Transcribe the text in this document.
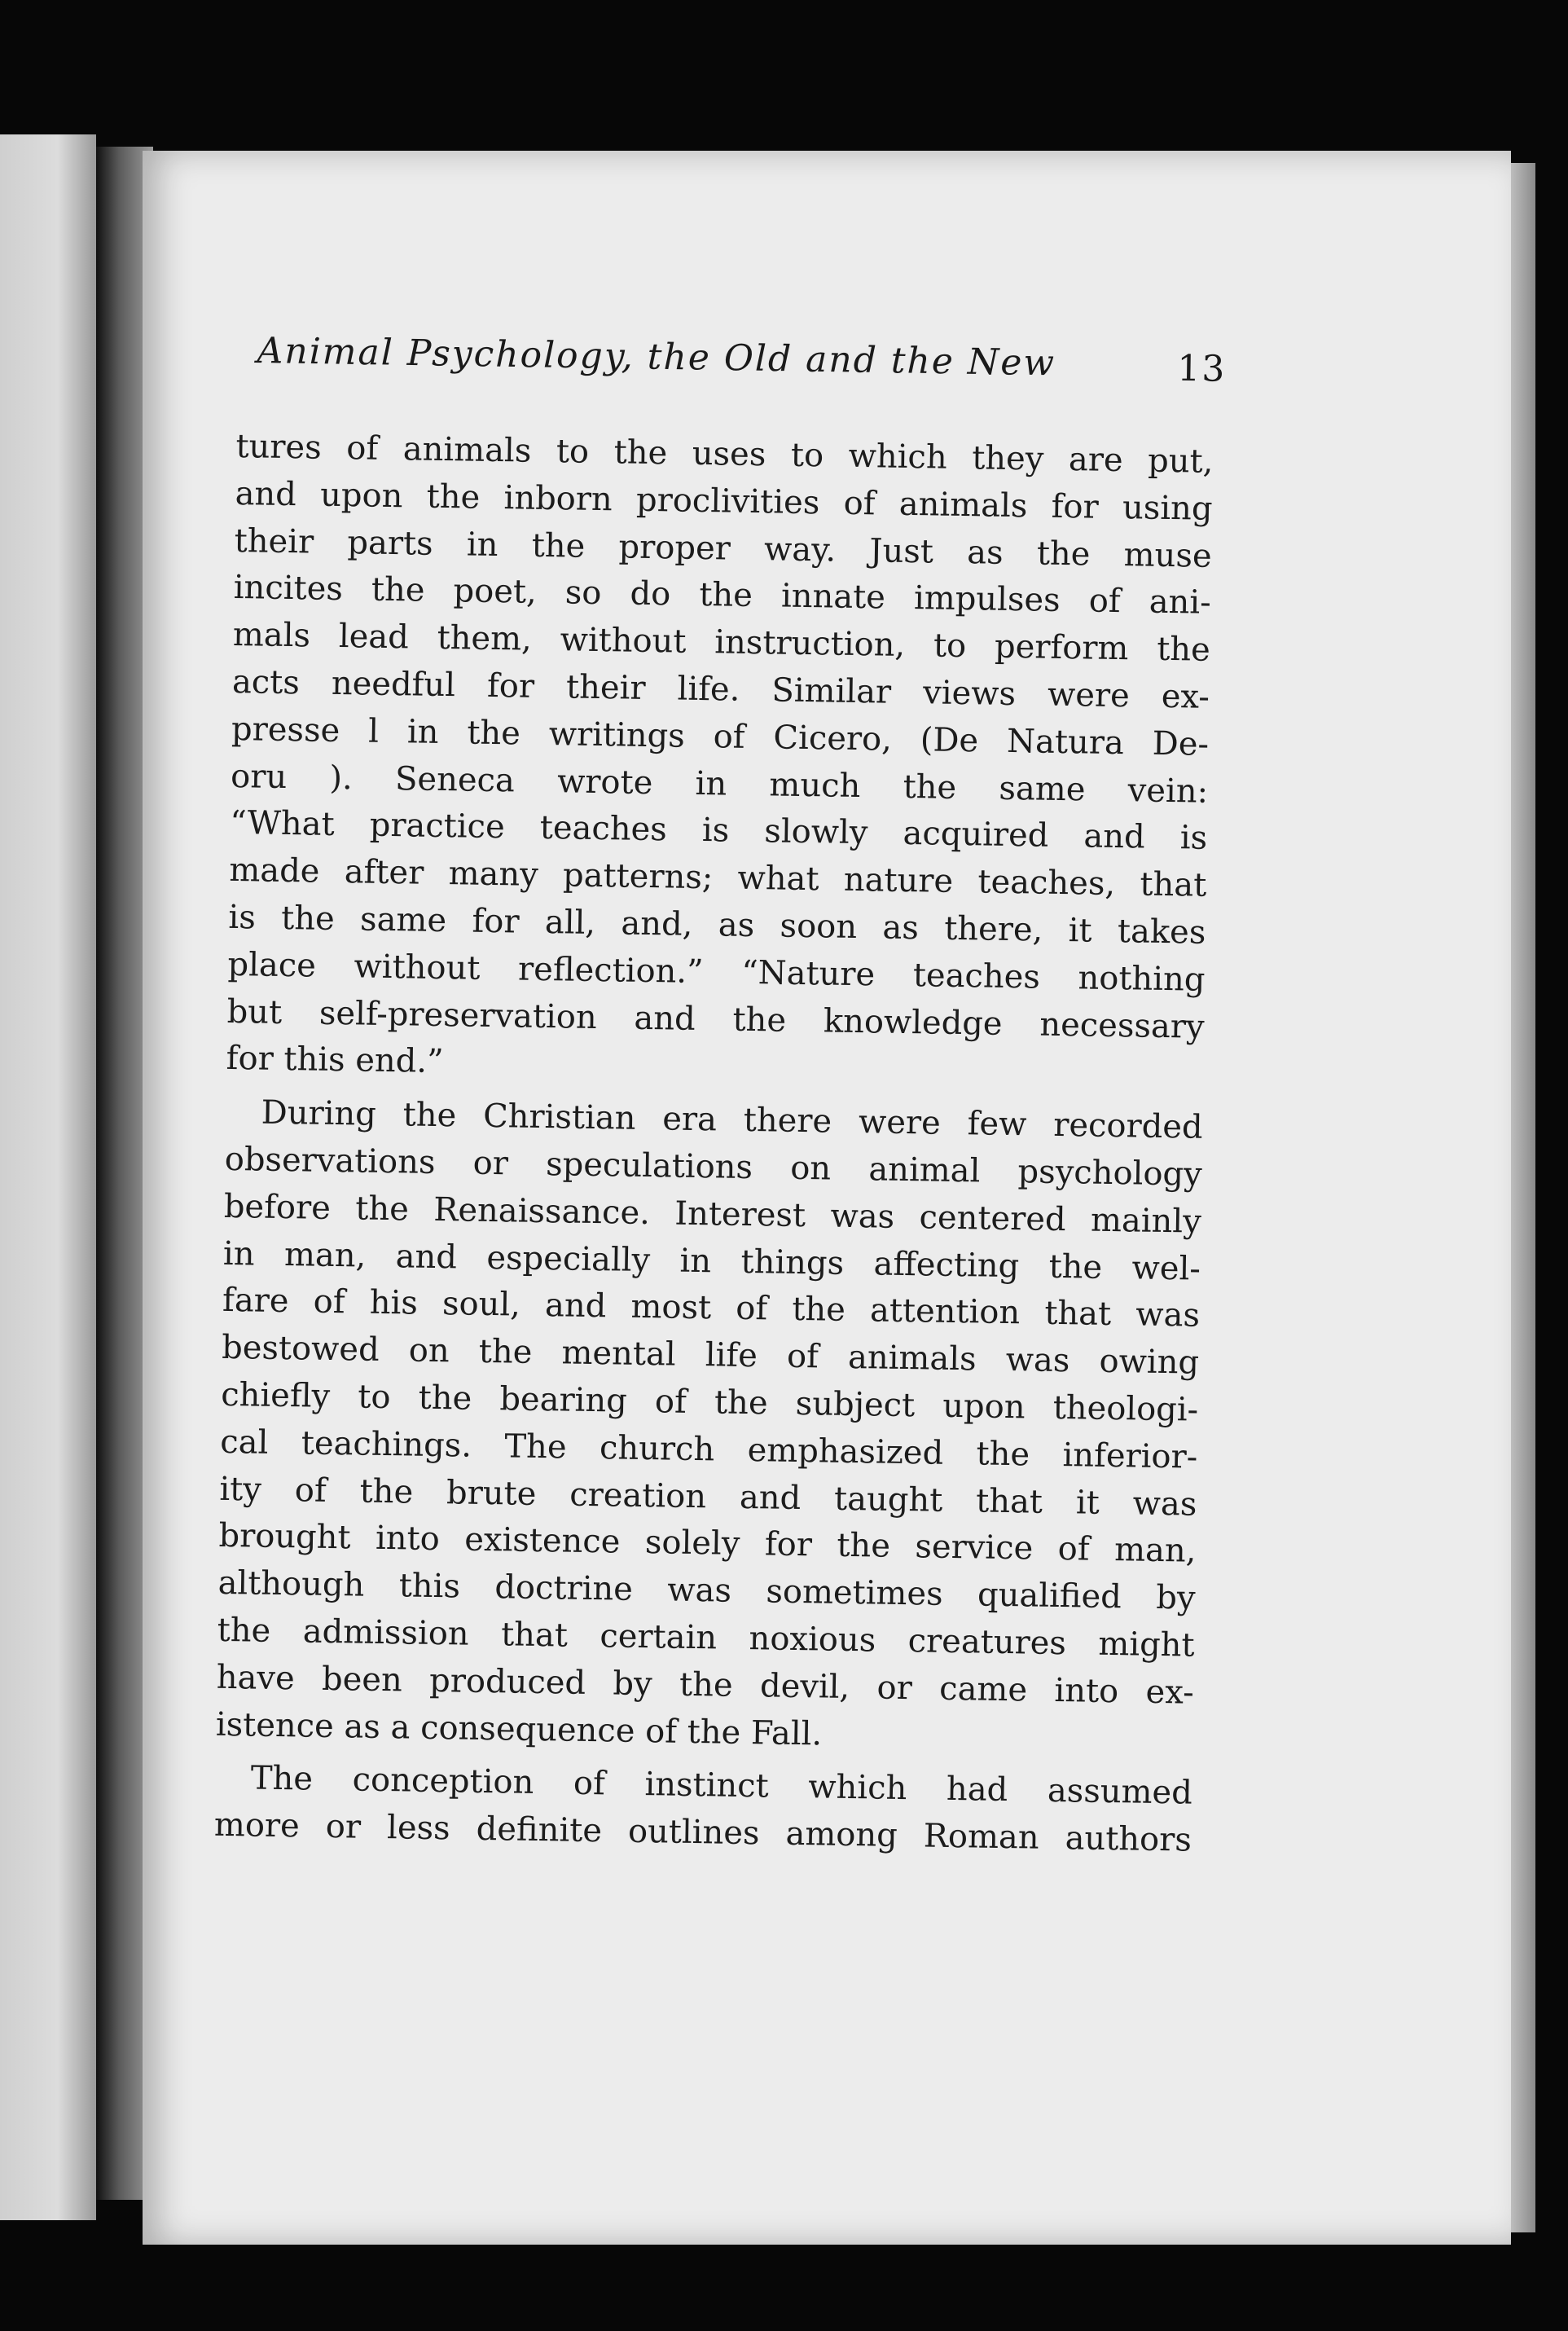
Animal Psychology, the Old and the New	13
tures of animals to the uses to which they are put,
and upon the inborn proclivities of animals for using
their parts in the proper way. Just as the muse
incites the poet, so do the innate impulses of ani-
mals lead them, without instruction, to perform the
acts needful for their life. Similar views were ex-
presse l in the writings of Cicero, (De Natura De-
oru ). Seneca wrote in much the same vein:
“What practice teaches is slowly acquired and is
made after many patterns; what nature teaches, that
is the same for all, and, as soon as there, it takes
place without reflection.” “Nature teaches nothing
but self-preservation and the knowledge necessary
for this end.”
During the Christian era there were few recorded
observations or speculations on animal psychology
before the Renaissance. Interest was centered mainly
in man, and especially in things affecting the wel-
fare of his soul, and most of the attention that was
bestowed on the mental life of animals was owing
chiefly to the bearing of the subject upon theologi-
cal teachings. The church emphasized the inferior-
ity of the brute creation and taught that it was
brought into existence solely for the service of man,
although this doctrine was sometimes qualified by
the admission that certain noxious creatures might
have been produced by the devil, or came into ex-
istence as a consequence of the Fall.
The conception of instinct which had assumed
more or less definite outlines among Roman authors
